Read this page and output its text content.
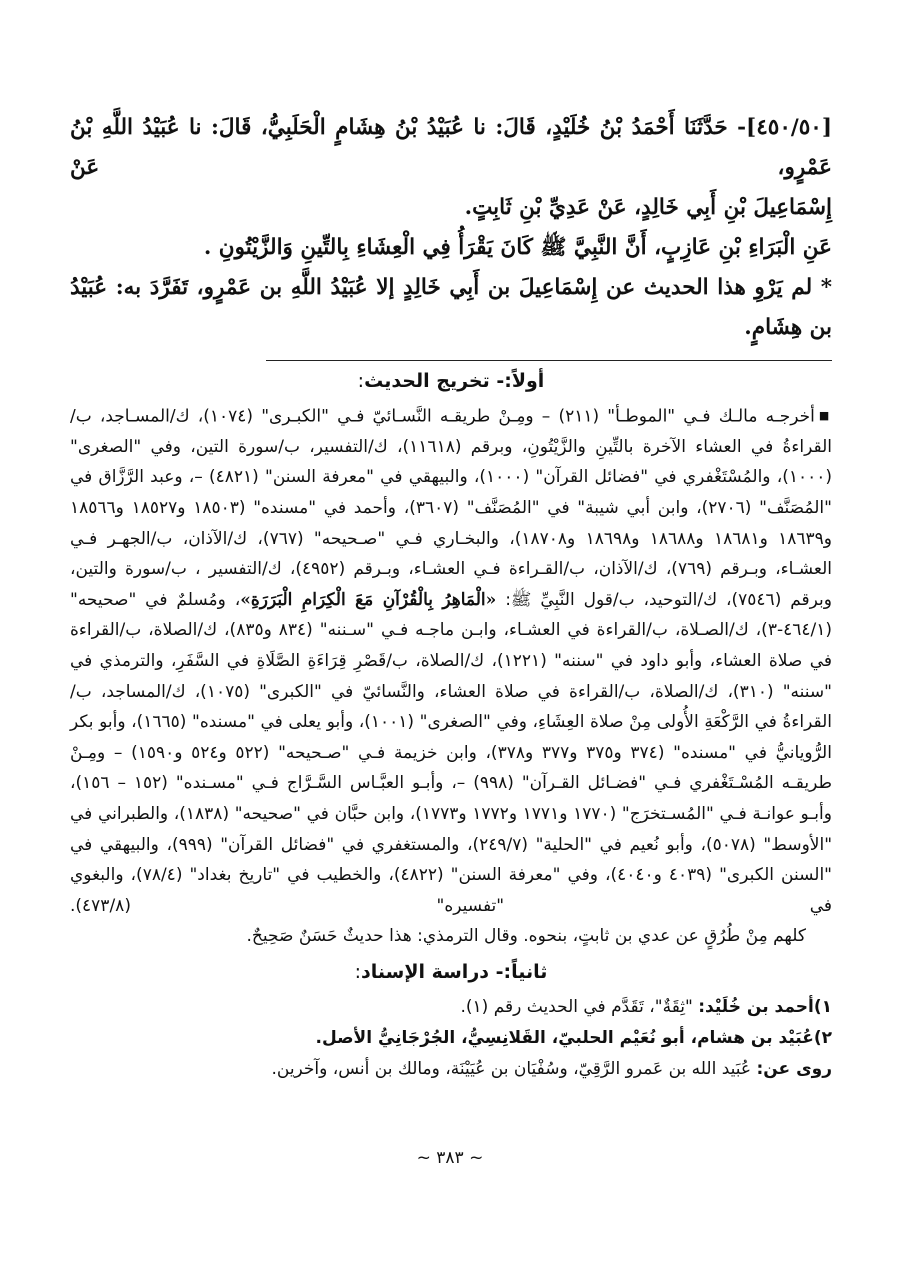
[٤٥٠/٥٠]- حَدَّثَنَا أَحْمَدُ بْنُ خُلَيْدٍ، قَالَ: نا عُبَيْدُ بْنُ هِشَامٍ الْحَلَبِيُّ، قَالَ: نا عُبَيْدُ اللَّهِ بْنُ عَمْرٍو، عَنْ

إِسْمَاعِيلَ بْنِ أَبِي خَالِدٍ، عَنْ عَدِيِّ بْنِ ثَابِتٍ.

عَنِ الْبَرَاءِ بْنِ عَازِبٍ، أَنَّ النَّبِيَّ ﷺ كَانَ يَقْرَأُ فِي الْعِشَاءِ بِالتِّينِ وَالزَّيْتُونِ .

* لم يَرْوِ هذا الحديث عن إِسْمَاعِيلَ بن أَبِي خَالِدٍ إلا عُبَيْدُ اللَّهِ بن عَمْرٍو، تَفَرَّدَ به: عُبَيْدُ بن هِشَامٍ.

أولاً:- تخريج الحديث:

■أخرجـه مالـك فـي "الموطـأ" (٢١١) – ومِـنْ طريقـه النَّسـائيّ فـي "الكبـرى" (١٠٧٤)، ك/المسـاجد، ب/القراءةُ في العشاء الآخرة بالتِّينِ والزَّيْتُونِ، وبرقم (١١٦١٨)، ك/التفسير، ب/سورة التين، وفي "الصغرى" (١٠٠٠)، والمُسْتَغْفري في "فضائل القرآن" (١٠٠٠)، والبيهقي في "معرفة السنن" (٤٨٢١) –، وعبد الرَّزَّاق في "المُصَنَّف" (٢٧٠٦)، وابن أبي شيبة" في "المُصَنَّف" (٣٦٠٧)، وأحمد في "مسنده" (١٨٥٠٣ و١٨٥٢٧ و١٨٥٦٦ و١٨٦٣٩ و١٨٦٨١ و١٨٦٨٨ و١٨٦٩٨ و١٨٧٠٨)، والبخـاري فـي "صـحيحه" (٧٦٧)، ك/الآذان، ب/الجهـر فـي العشـاء، وبـرقم (٧٦٩)، ك/الآذان، ب/القـراءة فـي العشـاء، وبـرقم (٤٩٥٢)، ك/التفسير ، ب/سورة والتين، وبرقم (٧٥٤٦)، ك/التوحيد، ب/قول النَّبِيِّ ﷺ: «الْمَاهِرُ بِالْقُرْآنِ مَعَ الْكِرَامِ الْبَرَرَةِ»، ومُسلمٌ في "صحيحه" (٤٦٤/١-٣)، ك/الصـلاة، ب/القراءة في العشـاء، وابـن ماجـه فـي "سـننه" (٨٣٤ و٨٣٥)، ك/الصلاة، ب/القراءة في صلاة العشاء، وأبو داود في "سننه" (١٢٢١)، ك/الصلاة، ب/قَصْرِ قِرَاءَةِ الصَّلَاةِ في السَّفَرِ، والترمذي في "سننه" (٣١٠)، ك/الصلاة، ب/القراءة في صلاة العشاء، والنَّسائيّ في "الكبرى" (١٠٧٥)، ك/المساجد، ب/القراءةُ في الرَّكْعَةِ الأُولى مِنْ صلاة العِشَاءِ، وفي "الصغرى" (١٠٠١)، وأبو يعلى في "مسنده" (١٦٦٥)، وأبو بكر الرُّويانيُّ في "مسنده" (٣٧٤ و٣٧٥ و٣٧٧ و٣٧٨)، وابن خزيمة فـي "صـحيحه" (٥٢٢ و٥٢٤ و١٥٩٠) – ومِـنْ طريقـه المُسْـتَغْفري فـي "فضـائل القـرآن" (٩٩٨) –، وأبـو العبَّـاس السَّـرَّاج فـي "مسـنده" (١٥٢ – ١٥٦)، وأبـو عوانـة فـي "المُسـتخرَج" (١٧٧٠ و١٧٧١ و١٧٧٢ و١٧٧٣)، وابن حبَّان في "صحيحه" (١٨٣٨)، والطبراني في "الأوسط" (٥٠٧٨)، وأبو نُعيم في "الحلية" (٢٤٩/٧)، والمستغفري في "فضائل القرآن" (٩٩٩)، والبيهقي في "السنن الكبرى" (٤٠٣٩ و٤٠٤٠)، وفي "معرفة السنن" (٤٨٢٢)، والخطيب في "تاريخ بغداد" (٧٨/٤)، والبغوي في "تفسيره" (٤٧٣/٨).

كلهم مِنْ طُرُقٍ عن عدي بن ثابتٍ، بنحوه. وقال الترمذي: هذا حديثٌ حَسَنٌ صَحِيحٌ.

ثانياً:- دراسة الإسناد:

١)أحمد بن خُلَيْد: "ثِقَةٌ"، تَقَدَّم في الحديث رقم (١).

٢)عُبَيْد بن هشام، أبو نُعَيْم الحلبيّ، القَلانِسِيُّ، الجُرْجَانِيُّ الأصل.

روى عن: عُبَيد الله بن عَمرو الرَّقِيّ، وسُفْيَان بن عُيَيْنَة، ومالك بن أنس، وآخرين.

~ ٣٨٣ ~
